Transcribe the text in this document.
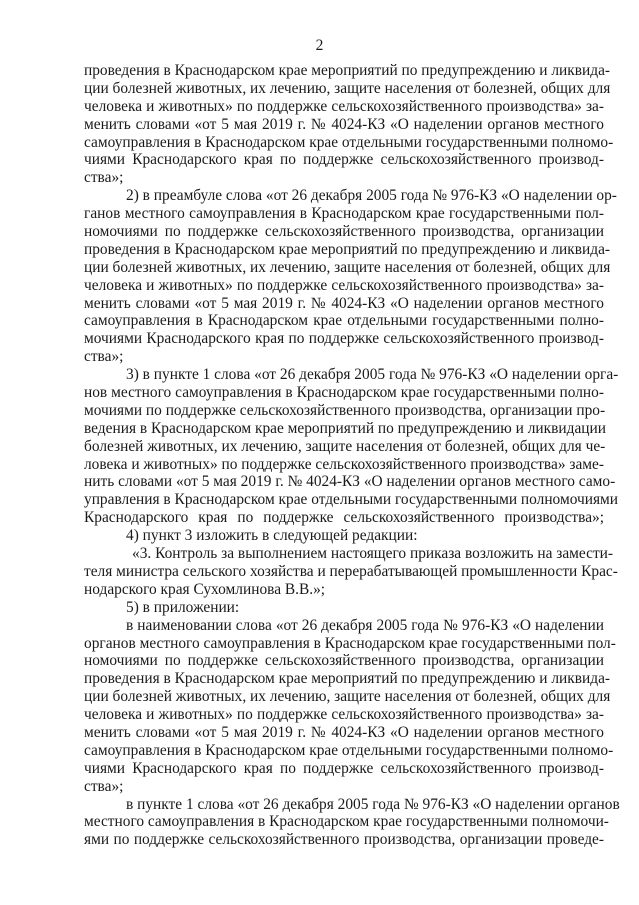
2
проведения в Краснодарском крае мероприятий по предупреждению и ликвида-
ции болезней животных, их лечению, защите населения от болезней, общих для
человека и животных» по поддержке сельскохозяйственного производства» за-
менить словами «от 5 мая 2019 г. № 4024-КЗ «О наделении органов местного
самоуправления в Краснодарском крае отдельными государственными полномо-
чиями Краснодарского края по поддержке сельскохозяйственного производ-
ства»;
2) в преамбуле слова «от 26 декабря 2005 года № 976-КЗ «О наделении ор-
ганов местного самоуправления в Краснодарском крае государственными пол-
номочиями по поддержке сельскохозяйственного производства, организации
проведения в Краснодарском крае мероприятий по предупреждению и ликвида-
ции болезней животных, их лечению, защите населения от болезней, общих для
человека и животных» по поддержке сельскохозяйственного производства» за-
менить словами «от 5 мая 2019 г. № 4024-КЗ «О наделении органов местного
самоуправления в Краснодарском крае отдельными государственными полно-
мочиями Краснодарского края по поддержке сельскохозяйственного производ-
ства»;
3) в пункте 1 слова «от 26 декабря 2005 года № 976-КЗ «О наделении орга-
нов местного самоуправления в Краснодарском крае государственными полно-
мочиями по поддержке сельскохозяйственного производства, организации про-
ведения в Краснодарском крае мероприятий по предупреждению и ликвидации
болезней животных, их лечению, защите населения от болезней, общих для че-
ловека и животных» по поддержке сельскохозяйственного производства» заме-
нить словами «от 5 мая 2019 г. № 4024-КЗ «О наделении органов местного само-
управления в Краснодарском крае отдельными государственными полномочиями
Краснодарского края по поддержке сельскохозяйственного производства»;
4) пункт 3 изложить в следующей редакции:
«3. Контроль за выполнением настоящего приказа возложить на замести-
теля министра сельского хозяйства и перерабатывающей промышленности Крас-
нодарского края Сухомлинова В.В.»;
5) в приложении:
в наименовании слова «от 26 декабря 2005 года № 976-КЗ «О наделении
органов местного самоуправления в Краснодарском крае государственными пол-
номочиями по поддержке сельскохозяйственного производства, организации
проведения в Краснодарском крае мероприятий по предупреждению и ликвида-
ции болезней животных, их лечению, защите населения от болезней, общих для
человека и животных» по поддержке сельскохозяйственного производства» за-
менить словами «от 5 мая 2019 г. № 4024-КЗ «О наделении органов местного
самоуправления в Краснодарском крае отдельными государственными полномо-
чиями Краснодарского края по поддержке сельскохозяйственного производ-
ства»;
в пункте 1 слова «от 26 декабря 2005 года № 976-КЗ «О наделении органов
местного самоуправления в Краснодарском крае государственными полномочи-
ями по поддержке сельскохозяйственного производства, организации проведе-
